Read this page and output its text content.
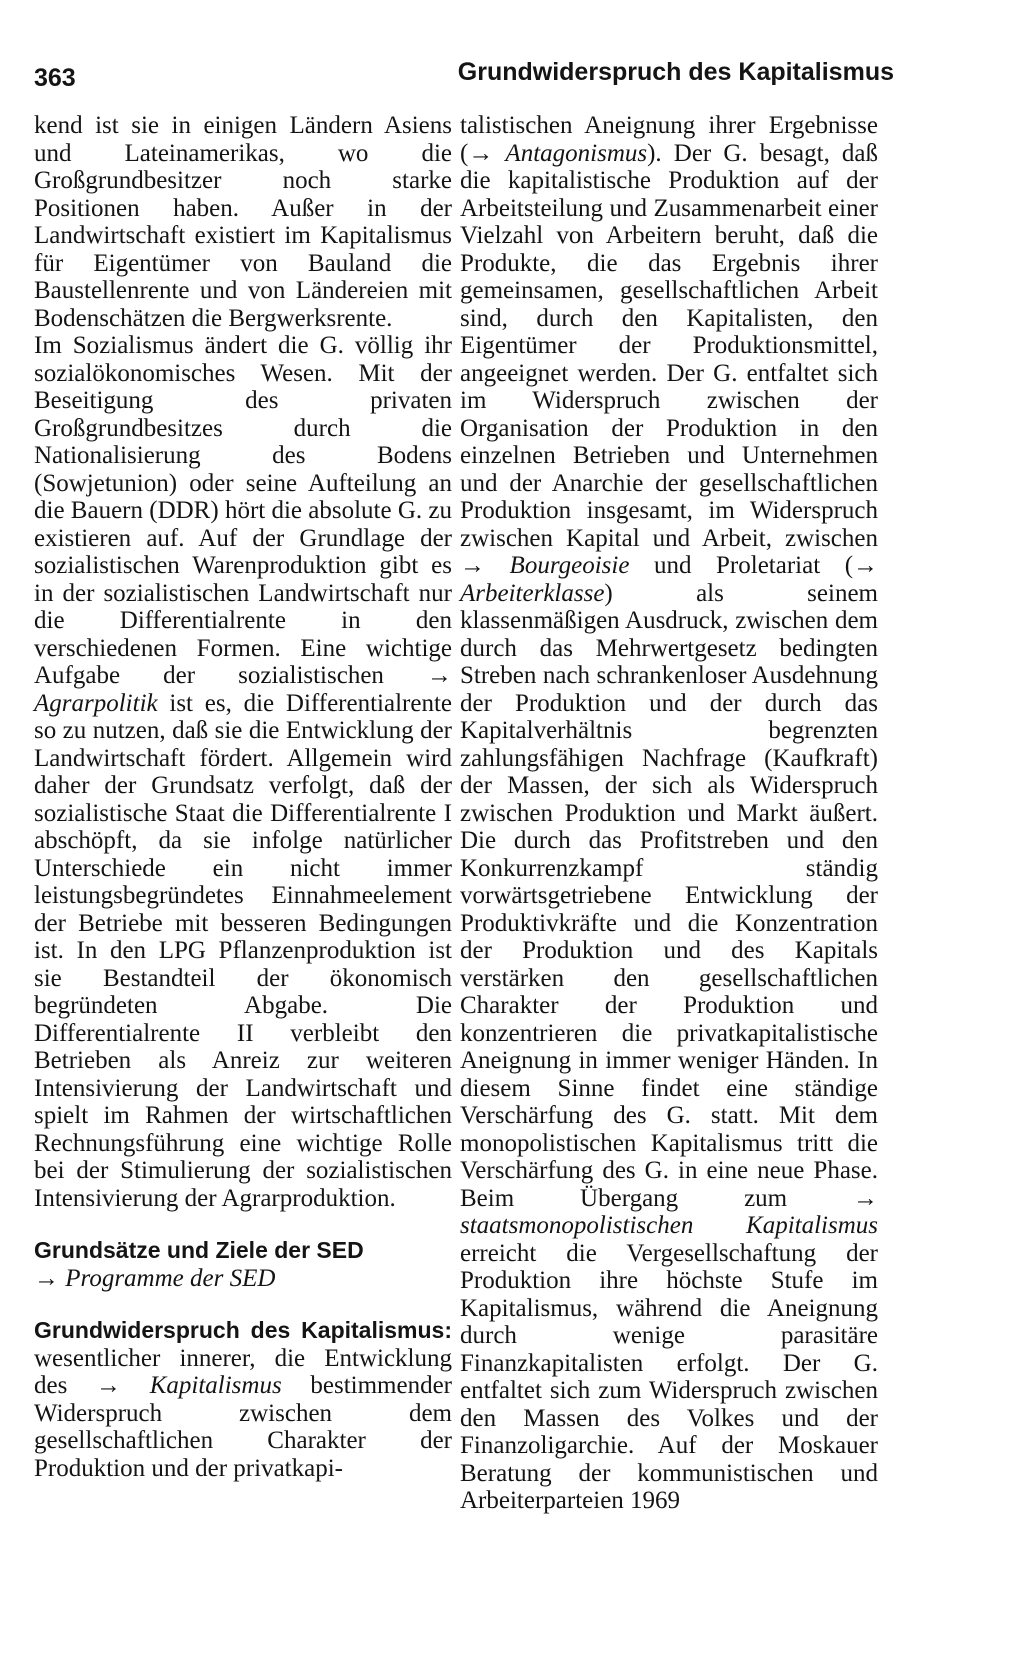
363	Grundwiderspruch des Kapitalismus

kend ist sie in einigen Ländern Asiens und Lateinamerikas, wo die Großgrundbesitzer noch starke Positionen haben. Außer in der Landwirtschaft existiert im Kapitalismus für Eigentümer von Bauland die Baustellenrente und von Ländereien mit Bodenschätzen die Bergwerksrente.

Im Sozialismus ändert die G. völlig ihr sozialökonomisches Wesen. Mit der Beseitigung des privaten Großgrundbesitzes durch die Nationalisierung des Bodens (Sowjetunion) oder seine Aufteilung an die Bauern (DDR) hört die absolute G. zu existieren auf. Auf der Grundlage der sozialistischen Warenproduktion gibt es in der sozialistischen Landwirtschaft nur die Differentialrente in den verschiedenen Formen. Eine wichtige Aufgabe der sozialistischen → Agrarpolitik ist es, die Differentialrente so zu nutzen, daß sie die Entwicklung der Landwirtschaft fördert. Allgemein wird daher der Grundsatz verfolgt, daß der sozialistische Staat die Differentialrente I abschöpft, da sie infolge natürlicher Unterschiede ein nicht immer leistungsbegründetes Einnahmeelement der Betriebe mit besseren Bedingungen ist. In den LPG Pflanzenproduktion ist sie Bestandteil der ökonomisch begründeten Abgabe. Die Differentialrente II verbleibt den Betrieben als Anreiz zur weiteren Intensivierung der Landwirtschaft und spielt im Rahmen der wirtschaftlichen Rechnungsführung eine wichtige Rolle bei der Stimulierung der sozialistischen Intensivierung der Agrarproduktion.

Grundsätze und Ziele der SED
→ Programme der SED

Grundwiderspruch des Kapitalismus: wesentlicher innerer, die Entwicklung des → Kapitalismus bestimmender Widerspruch zwischen dem gesellschaftlichen Charakter der Produktion und der privatkapi-

talistischen Aneignung ihrer Ergebnisse (→ Antagonismus). Der G. besagt, daß die kapitalistische Produktion auf der Arbeitsteilung und Zusammenarbeit einer Vielzahl von Arbeitern beruht, daß die Produkte, die das Ergebnis ihrer gemeinsamen, gesellschaftlichen Arbeit sind, durch den Kapitalisten, den Eigentümer der Produktionsmittel, angeeignet werden. Der G. entfaltet sich im Widerspruch zwischen der Organisation der Produktion in den einzelnen Betrieben und Unternehmen und der Anarchie der gesellschaftlichen Produktion insgesamt, im Widerspruch zwischen Kapital und Arbeit, zwischen → Bourgeoisie und Proletariat (→ Arbeiterklasse) als seinem klassenmäßigen Ausdruck, zwischen dem durch das Mehrwertgesetz bedingten Streben nach schrankenloser Ausdehnung der Produktion und der durch das Kapitalverhältnis begrenzten zahlungsfähigen Nachfrage (Kaufkraft) der Massen, der sich als Widerspruch zwischen Produktion und Markt äußert. Die durch das Profitstreben und den Konkurrenzkampf ständig vorwärtsgetriebene Entwicklung der Produktivkräfte und die Konzentration der Produktion und des Kapitals verstärken den gesellschaftlichen Charakter der Produktion und konzentrieren die privatkapitalistische Aneignung in immer weniger Händen. In diesem Sinne findet eine ständige Verschärfung des G. statt. Mit dem monopolistischen Kapitalismus tritt die Verschärfung des G. in eine neue Phase. Beim Übergang zum	→ staatsmonopolistischen Kapitalismus erreicht die Vergesellschaftung der Produktion ihre höchste Stufe im Kapitalismus, während die Aneignung durch wenige parasitäre Finanzkapitalisten erfolgt. Der G. entfaltet sich zum Widerspruch zwischen den Massen des Volkes und der Finanzoligarchie. Auf der Moskauer Beratung der kommunistischen und Arbeiterparteien 1969
